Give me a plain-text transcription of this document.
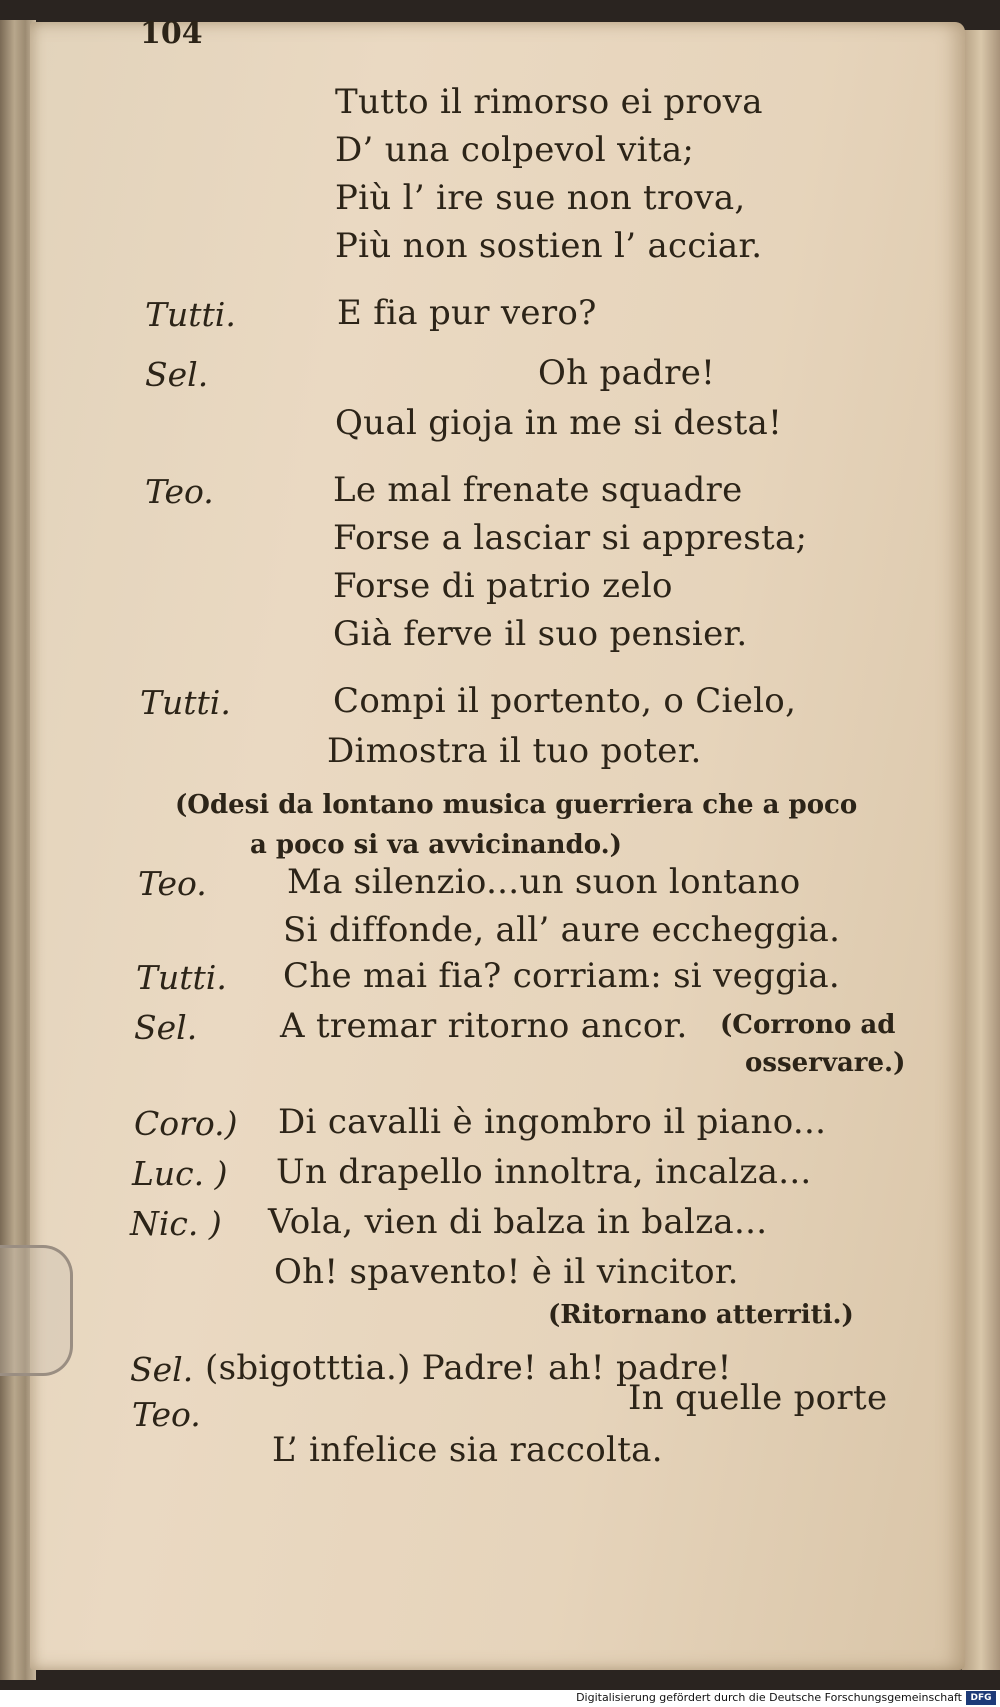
104
Tutto il rimorso ei prova
D’ una colpevol vita;
Più l’ ire sue non trova,
Più non sostien l’ acciar.
Tutti.	E fia pur vero?
Sel.	Oh padre!
Qual gioja in me si desta!
Teo.	Le mal frenate squadre
Forse a lasciar si appresta;
Forse di patrio zelo
Già ferve il suo pensier.
Tutti.	Compi il portento, o Cielo,
Dimostra il tuo poter.
(Odesi da lontano musica guerriera che a poco
a poco si va avvicinando.)
Teo. Ma silenzio...un suon lontano
Si diffonde, all’ aure eccheggia.
Tutti. Che mai fia? corriam: si veggia.
Sel. A tremar ritorno ancor. (Corrono ad
osservare.)
Coro.) Di cavalli è ingombro il piano...
Luc. ) Un drapello innoltra, incalza...
Nic. ) Vola, vien di balza in balza...
Oh! spavento! è il vincitor.
(Ritornano atterriti.)
Sel. (sbigotttia.) Padre! ah! padre!
Teo.	In quelle porte
L’ infelice sia raccolta.
Digitalisierung gefördert durch die Deutsche Forschungsgemeinschaft DFG
